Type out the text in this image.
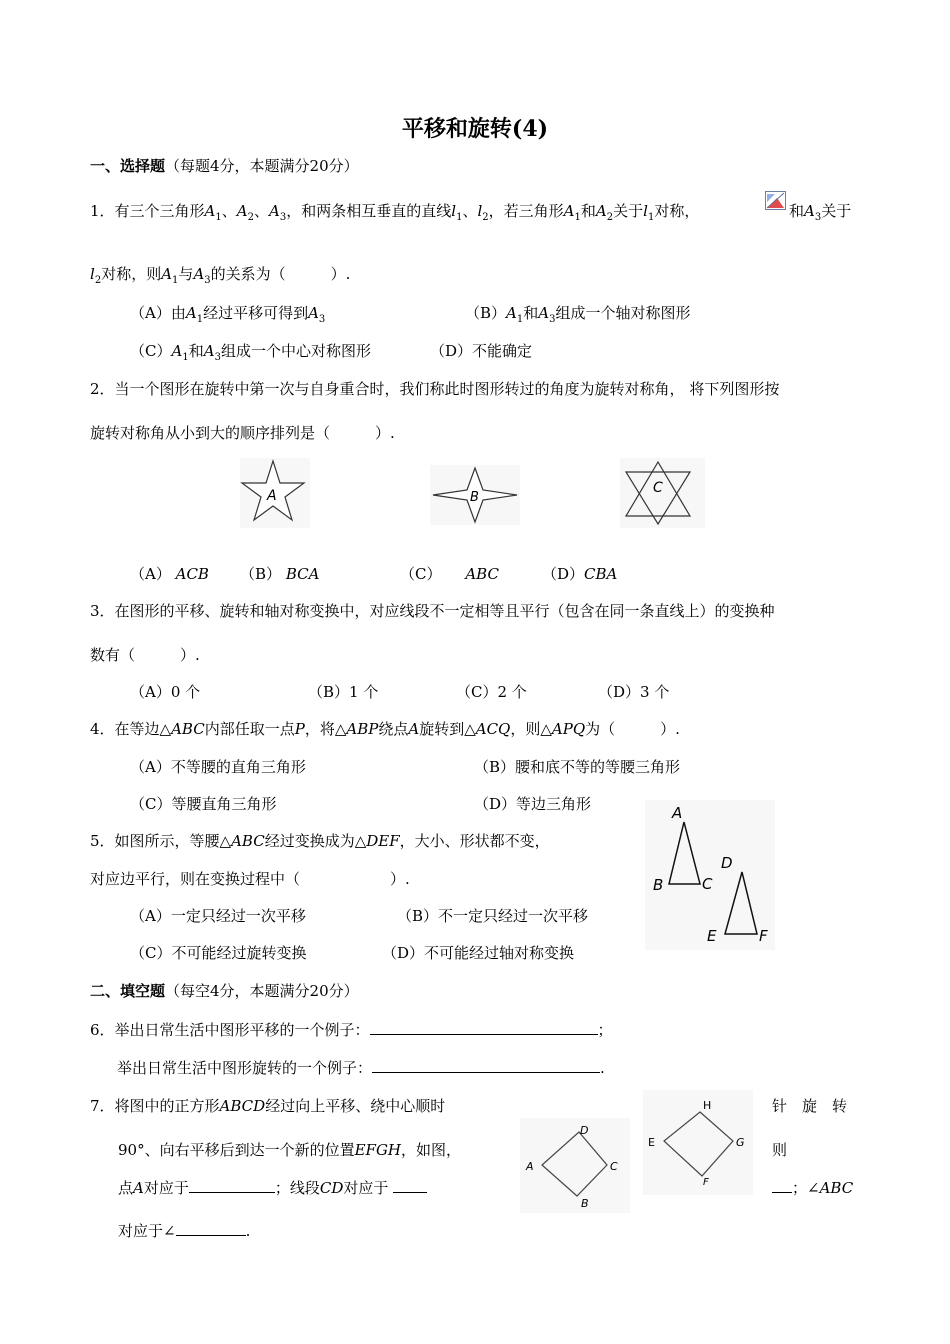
平移和旋转(4)
一、选择题（每题4分，本题满分20分）
1．有三个三角形$A_1$、$A_2$、$A_3$，和两条相互垂直的直线$l_1$、$l_2$，若三角形$A_1$和$A_2$关于$l_1$对称，	和$A_3$关于
$l_2$对称，则$A_1$与$A_3$的关系为（　　　）.
（A）由$A_1$经过平移可得到$A_3$	$(B)A_1$和$A_3$组成一个轴对称图形
$(C)A_1$和$A_3$组成一个中心对称图形	（D）不能确定
2．当一个图形在旋转中第一次与自身重合时，我们称此时图形转过的角度为旋转对称角， 将下列图形按
旋转对称角从小到大的顺序排列是（　　　）.
A	B
C
（A） ACB （B） BCA	（C） ABC	（D）CBA
3．在图形的平移、旋转和轴对称变换中，对应线段不一定相等且平行（包含在同一条直线上）的变换种
数有（　　　）.
（A）0 个	（B）1 个	（C）2 个	（D）3 个
4．在等边△ABC内部任取一点P，将△ABP绕点A旋转到△ACQ，则△APQ为（　　　）.
（A）不等腰的直角三角形	（B）腰和底不等的等腰三角形
（C）等腰直角三角形	（D）等边三角形
5．如图所示，等腰△ABC经过变换成为△DEF，大小、形状都不变，
对应边平行，则在变换过程中（　　　　　　）.
（A）一定只经过一次平移	（B）不一定只经过一次平移
（C）不可能经过旋转变换	（D）不可能经过轴对称变换
A
B	C
D
E	F
二、填空题（每空4分，本题满分20分）
6．举出日常生活中图形平移的一个例子：	；
举出日常生活中图形旋转的一个例子：	.
7．将图中的正方形ABCD经过向上平移、绕中心顺时	针　旋　转
90°、向右平移后到达一个新的位置EFGH，如图，	则
点A对应于	；线段CD对应于	；∠ABC
对应于∠	.
D
A	C
B
H
E	G
F
